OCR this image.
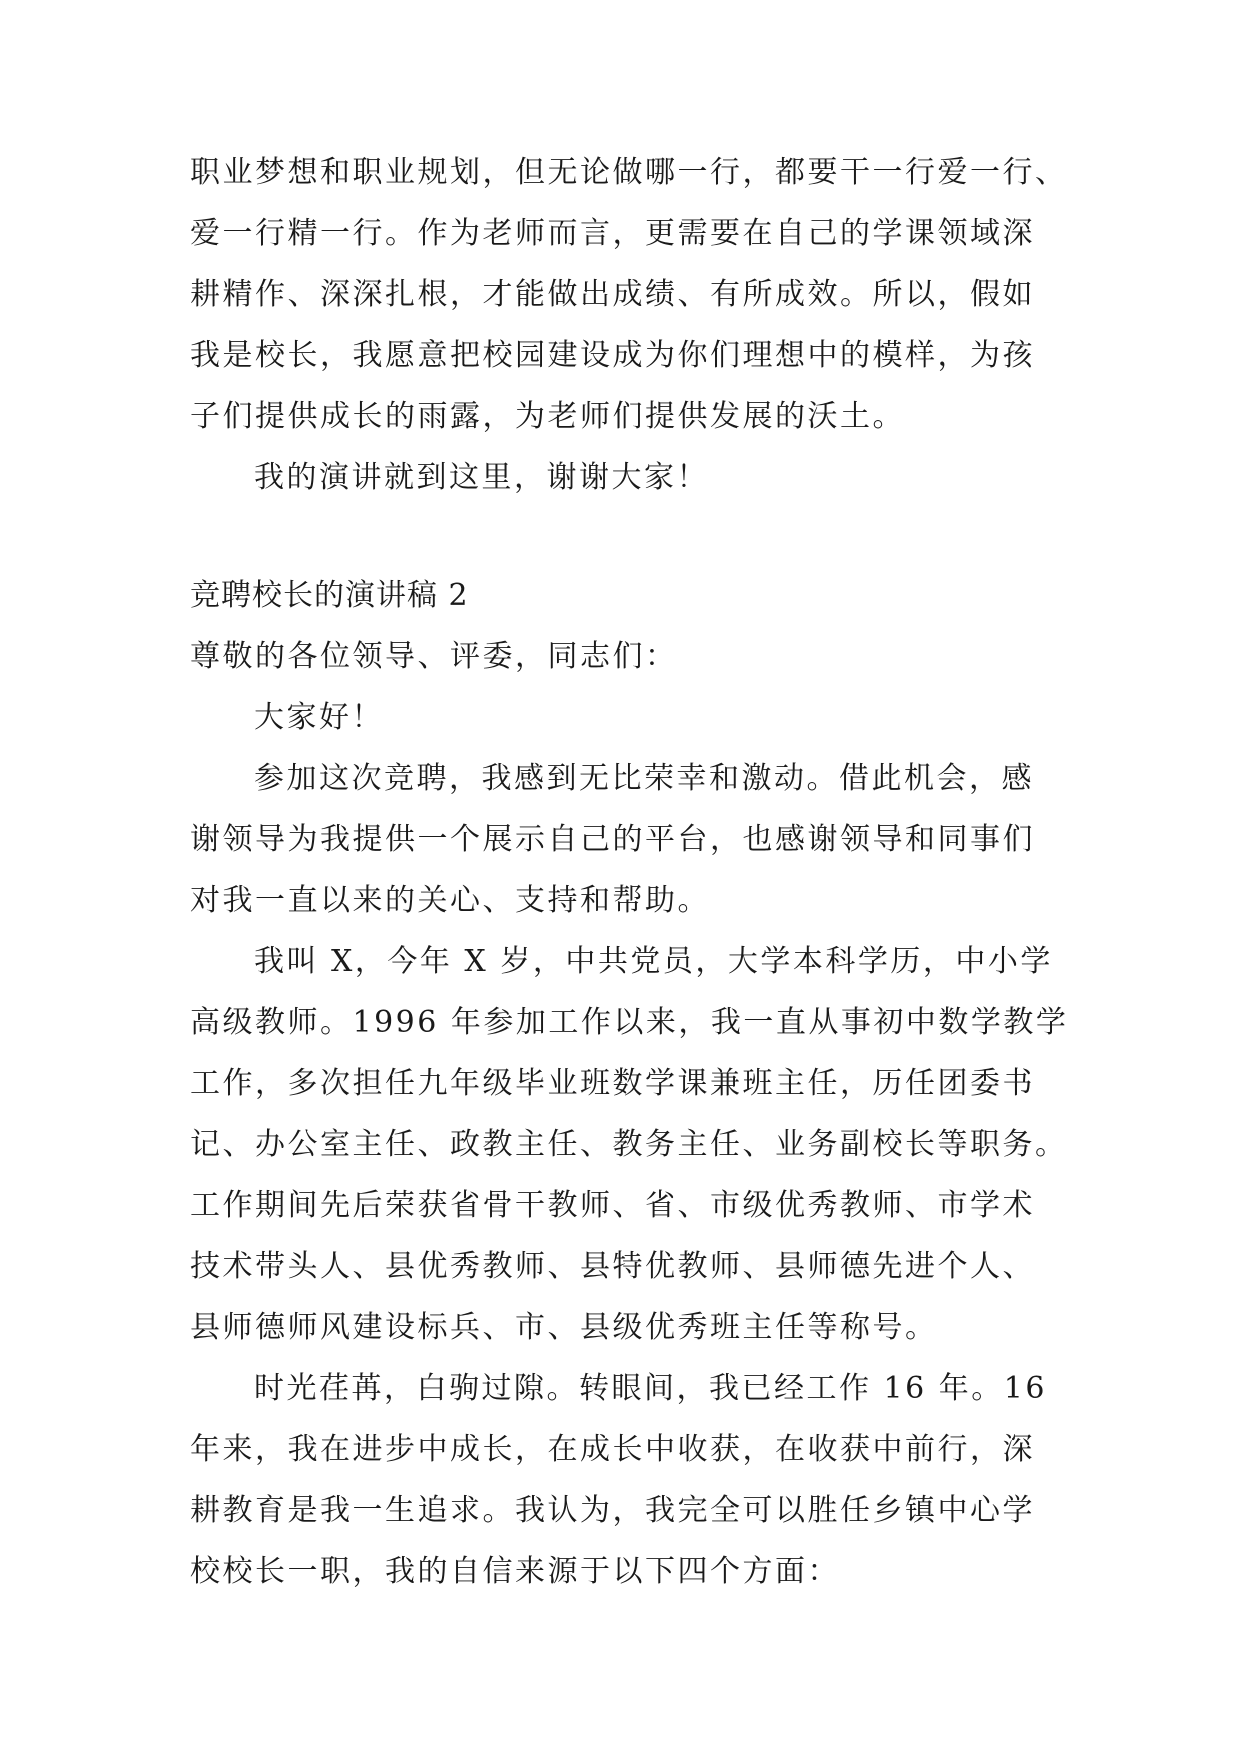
职业梦想和职业规划，但无论做哪一行，都要干一行爱一行、
爱一行精一行。作为老师而言，更需要在自己的学课领域深
耕精作、深深扎根，才能做出成绩、有所成效。所以，假如
我是校长，我愿意把校园建设成为你们理想中的模样，为孩
子们提供成长的雨露，为老师们提供发展的沃土。
我的演讲就到这里，谢谢大家！
竞聘校长的演讲稿 2
尊敬的各位领导、评委，同志们：
大家好！
参加这次竞聘，我感到无比荣幸和激动。借此机会，感
谢领导为我提供一个展示自己的平台，也感谢领导和同事们
对我一直以来的关心、支持和帮助。
我叫 X，今年 X 岁，中共党员，大学本科学历，中小学
高级教师。1996 年参加工作以来，我一直从事初中数学教学
工作，多次担任九年级毕业班数学课兼班主任，历任团委书
记、办公室主任、政教主任、教务主任、业务副校长等职务。
工作期间先后荣获省骨干教师、省、市级优秀教师、市学术
技术带头人、县优秀教师、县特优教师、县师德先进个人、
县师德师风建设标兵、市、县级优秀班主任等称号。
时光荏苒，白驹过隙。转眼间，我已经工作 16 年。16
年来，我在进步中成长，在成长中收获，在收获中前行，深
耕教育是我一生追求。我认为，我完全可以胜任乡镇中心学
校校长一职，我的自信来源于以下四个方面：
